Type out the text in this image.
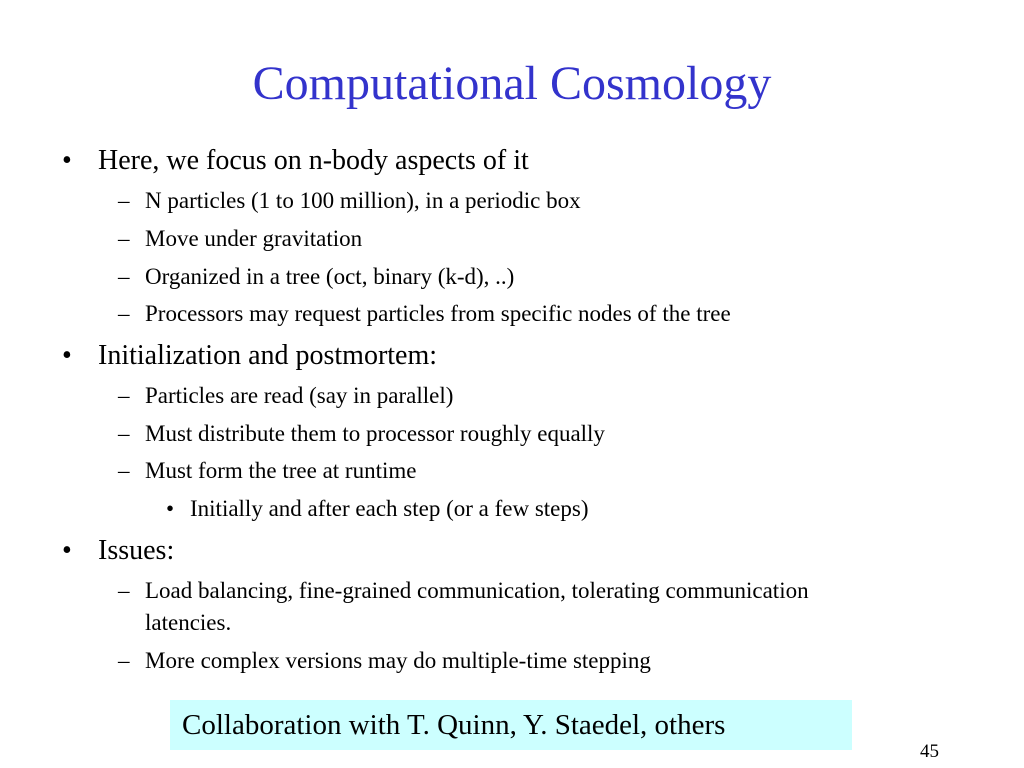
Computational Cosmology
• Here, we focus on n-body aspects of it
– N particles (1 to 100 million), in a periodic box
– Move under gravitation
– Organized in a tree (oct, binary (k-d), ..)
– Processors may request particles from specific nodes of the tree
• Initialization and postmortem:
– Particles are read (say in parallel)
– Must distribute them to processor roughly equally
– Must form the tree at runtime
• Initially and after each step (or a few steps)
• Issues:
– Load balancing, fine-grained communication, tolerating communication
latencies.
– More complex versions may do multiple-time stepping
Collaboration with T. Quinn, Y. Staedel, others
45
